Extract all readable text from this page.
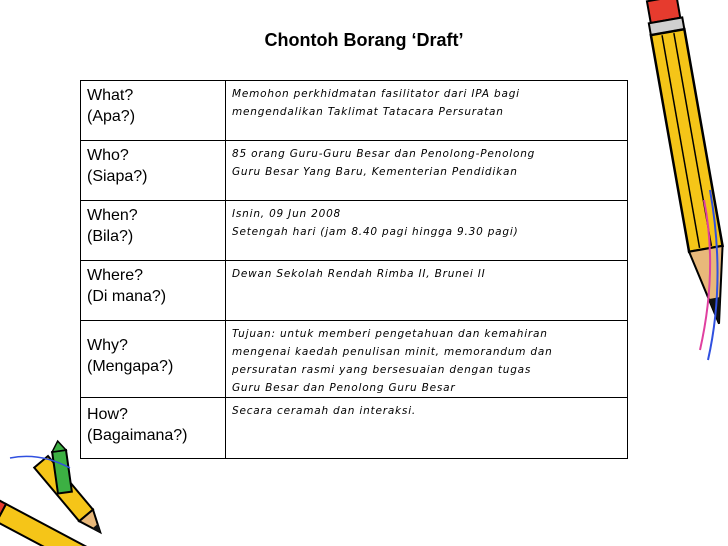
Chontoh Borang ‘Draft’
What?
(Apa?)	Memohon perkhidmatan fasilitator dari IPA bagi
mengendalikan Taklimat Tatacara Persuratan

Who?
(Siapa?)	85 orang Guru-Guru Besar dan Penolong-Penolong
Guru Besar Yang Baru, Kementerian Pendidikan

When?
(Bila?)	Isnin, 09 Jun 2008
Setengah hari (jam 8.40 pagi hingga 9.30 pagi)

Where?
(Di mana?)	Dewan Sekolah Rendah Rimba II, Brunei II

Why?
(Mengapa?)	Tujuan: untuk memberi pengetahuan dan kemahiran
mengenai kaedah penulisan minit, memorandum dan
persuratan rasmi yang bersesuaian dengan tugas
Guru Besar dan Penolong Guru Besar

How?
(Bagaimana?)	Secara ceramah dan interaksi.
